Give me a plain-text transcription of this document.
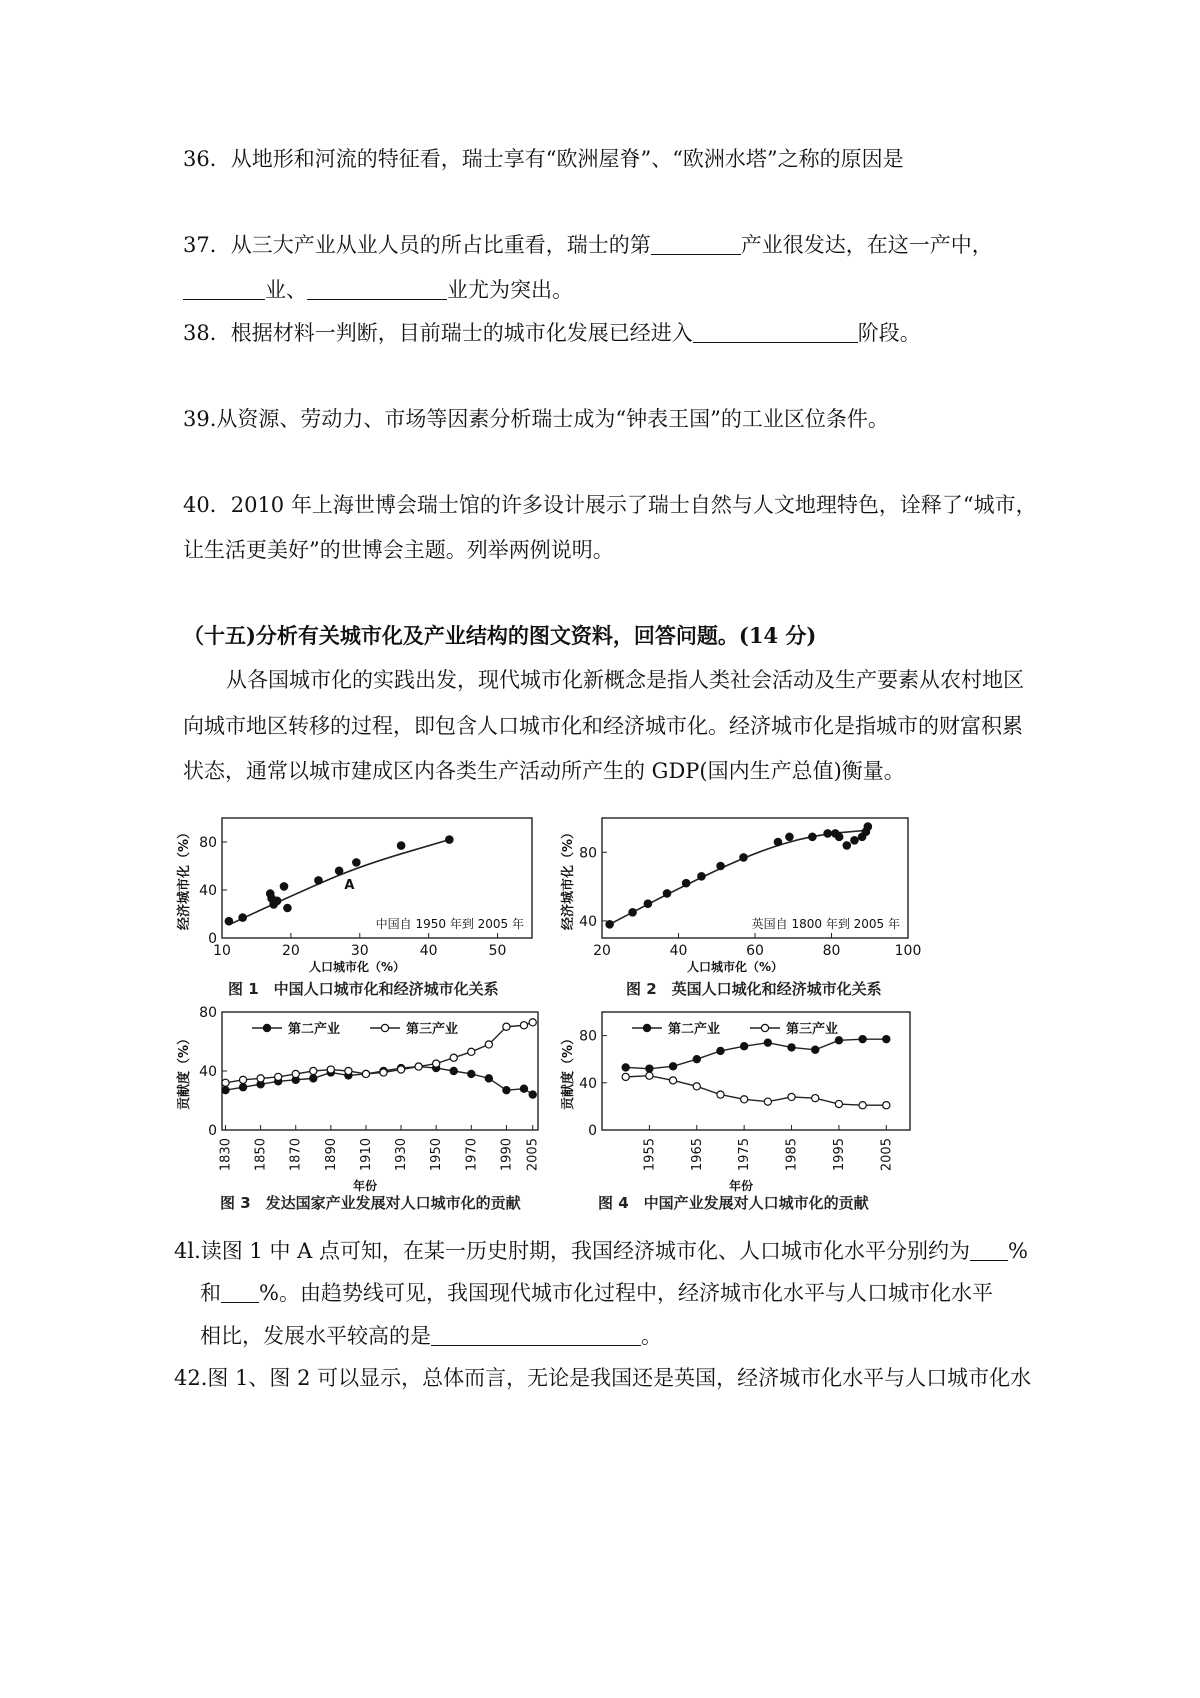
36．从地形和河流的特征看，瑞士享有“欧洲屋脊”、“欧洲水塔”之称的原因是
37．从三大产业从业人员的所占比重看，瑞士的第	产业很发达，在这一产中，
业、	业尤为突出。
38．根据材料一判断，目前瑞士的城市化发展已经进入	阶段。
39.从资源、劳动力、市场等因素分析瑞士成为“钟表王国”的工业区位条件。
40．2010 年上海世博会瑞士馆的许多设计展示了瑞士自然与人文地理特色，诠释了“城市，
让生活更美好”的世博会主题。列举两例说明。
（十五)分析有关城市化及产业结构的图文资料，回答问题。(14 分)
从各国城市化的实践出发，现代城市化新概念是指人类社会活动及生产要素从农村地区
向城市地区转移的过程，即包含人口城市化和经济城市化。经济城市化是指城市的财富积累
状态，通常以城市建成区内各类生产活动所产生的 GDP(国内生产总值)衡量。
10	20	30	40	50
0
40
80
A
中国自 1950 年到 2005 年
人口城市化（%）
经济城市化（%）
图 1　中国人口城市化和经济城市化关系
20	40	60	80	100
40
80
英国自 1800 年到 2005 年
人口城市化（%）
经济城市化（%）
图 2　英国人口城化和经济城市化关系
1830 1850 1870 1890 1910 1930 1950 1970 1990 2005
0
40
80
第二产业	第三产业
年份
贡献度（%）
图 3　发达国家产业发展对人口城市化的贡献
1955 1965 1975 1985 1995 2005
0
40
80	第二产业	第三产业
年份
贡献度（%）
图 4　中国产业发展对人口城市化的贡献
4l.读图 1 中 A 点可知，在某一历史肘期，我国经济城市化、人口城市化水平分别约为 %
和 %。由趋势线可见，我国现代城市化过程中，经济城市化水平与人口城市化水平
相比，发展水平较高的是	。
42.图 1、图 2 可以显示，总体而言，无论是我国还是英国，经济城市化水平与人口城市化水
